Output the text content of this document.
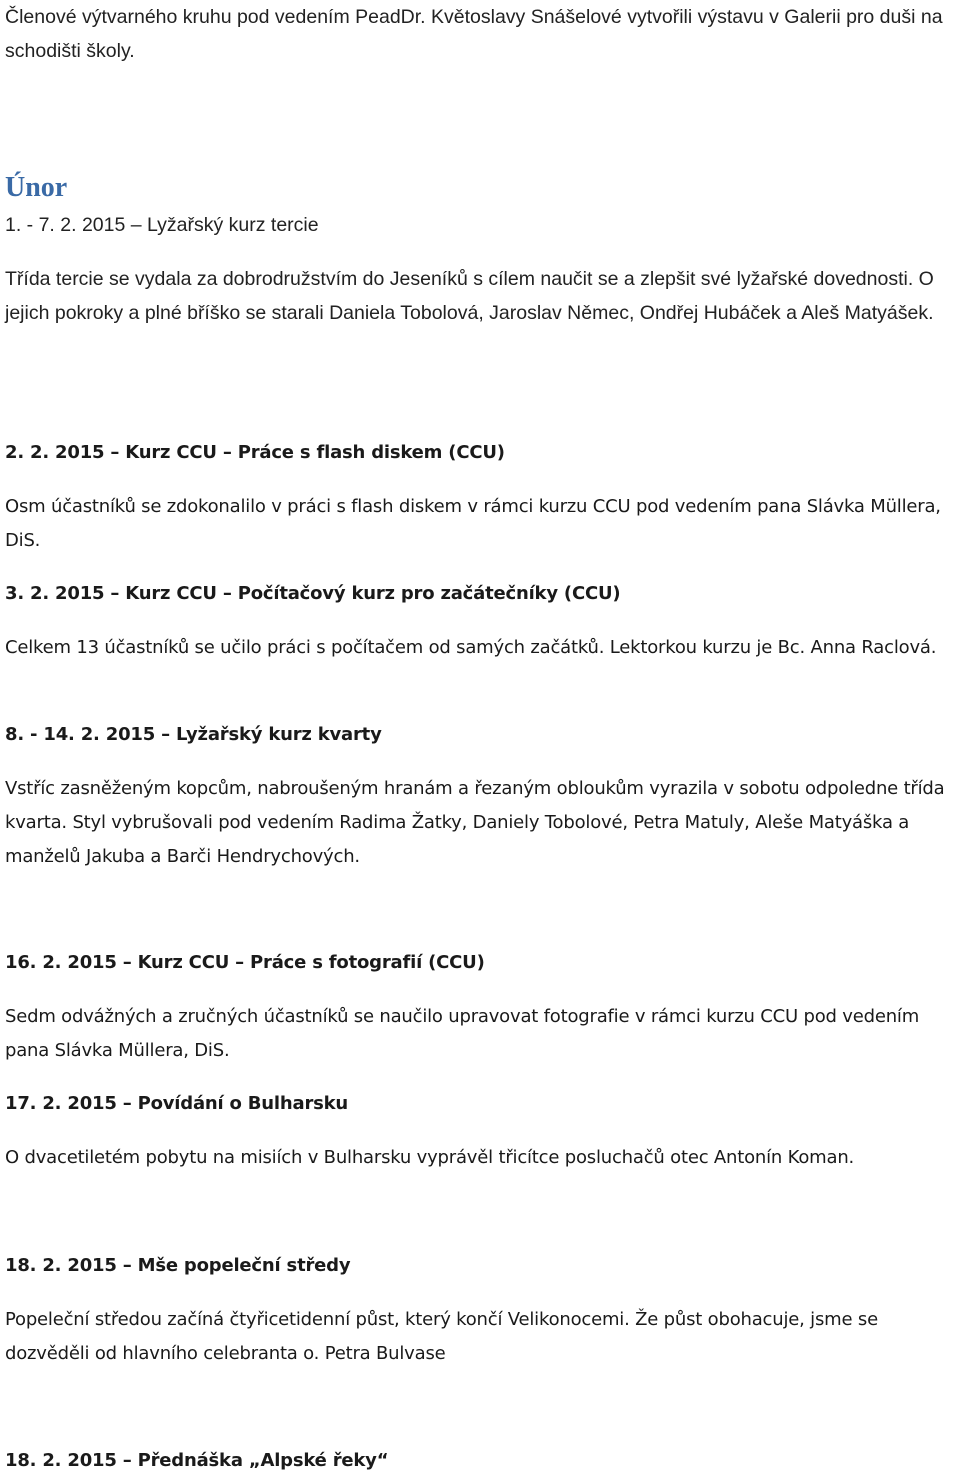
Členové výtvarného kruhu pod vedením PeadDr. Květoslavy Snášelové vytvořili výstavu v Galerii pro duši na schodišti školy.

Únor

1. - 7. 2. 2015 – Lyžařský kurz tercie

Třída tercie se vydala za dobrodružstvím do Jeseníků s cílem naučit se a zlepšit své lyžařské dovednosti. O jejich pokroky a plné bříško se starali Daniela Tobolová, Jaroslav Němec, Ondřej Hubáček a Aleš Matyášek.

2. 2. 2015 – Kurz CCU – Práce s flash diskem (CCU)

Osm účastníků se zdokonalilo v práci s flash diskem v rámci kurzu CCU pod vedením pana Slávka Müllera, DiS.

3. 2. 2015 – Kurz CCU – Počítačový kurz pro začátečníky (CCU)

Celkem 13 účastníků se učilo práci s počítačem od samých začátků. Lektorkou kurzu je Bc. Anna Raclová.

8. - 14. 2. 2015 – Lyžařský kurz kvarty

Vstříc zasněženým kopcům, nabroušeným hranám a řezaným obloukům vyrazila v sobotu odpoledne třída kvarta. Styl vybrušovali pod vedením Radima Žatky, Daniely Tobolové, Petra Matuly, Aleše Matyáška a manželů Jakuba a Barči Hendrychových.

16. 2. 2015 – Kurz CCU – Práce s fotografií (CCU)

Sedm odvážných a zručných účastníků se naučilo upravovat fotografie v rámci kurzu CCU pod vedením pana Slávka Müllera, DiS.

17. 2. 2015 – Povídání o Bulharsku

O dvacetiletém pobytu na misiích v Bulharsku vyprávěl třicítce posluchačů otec Antonín Koman.

18. 2. 2015 – Mše popeleční středy

Popeleční středou začíná čtyřicetidenní půst, který končí Velikonocemi. Že půst obohacuje, jsme se dozvěděli od hlavního celebranta o. Petra Bulvase

18. 2. 2015 – Přednáška „Alpské řeky“
